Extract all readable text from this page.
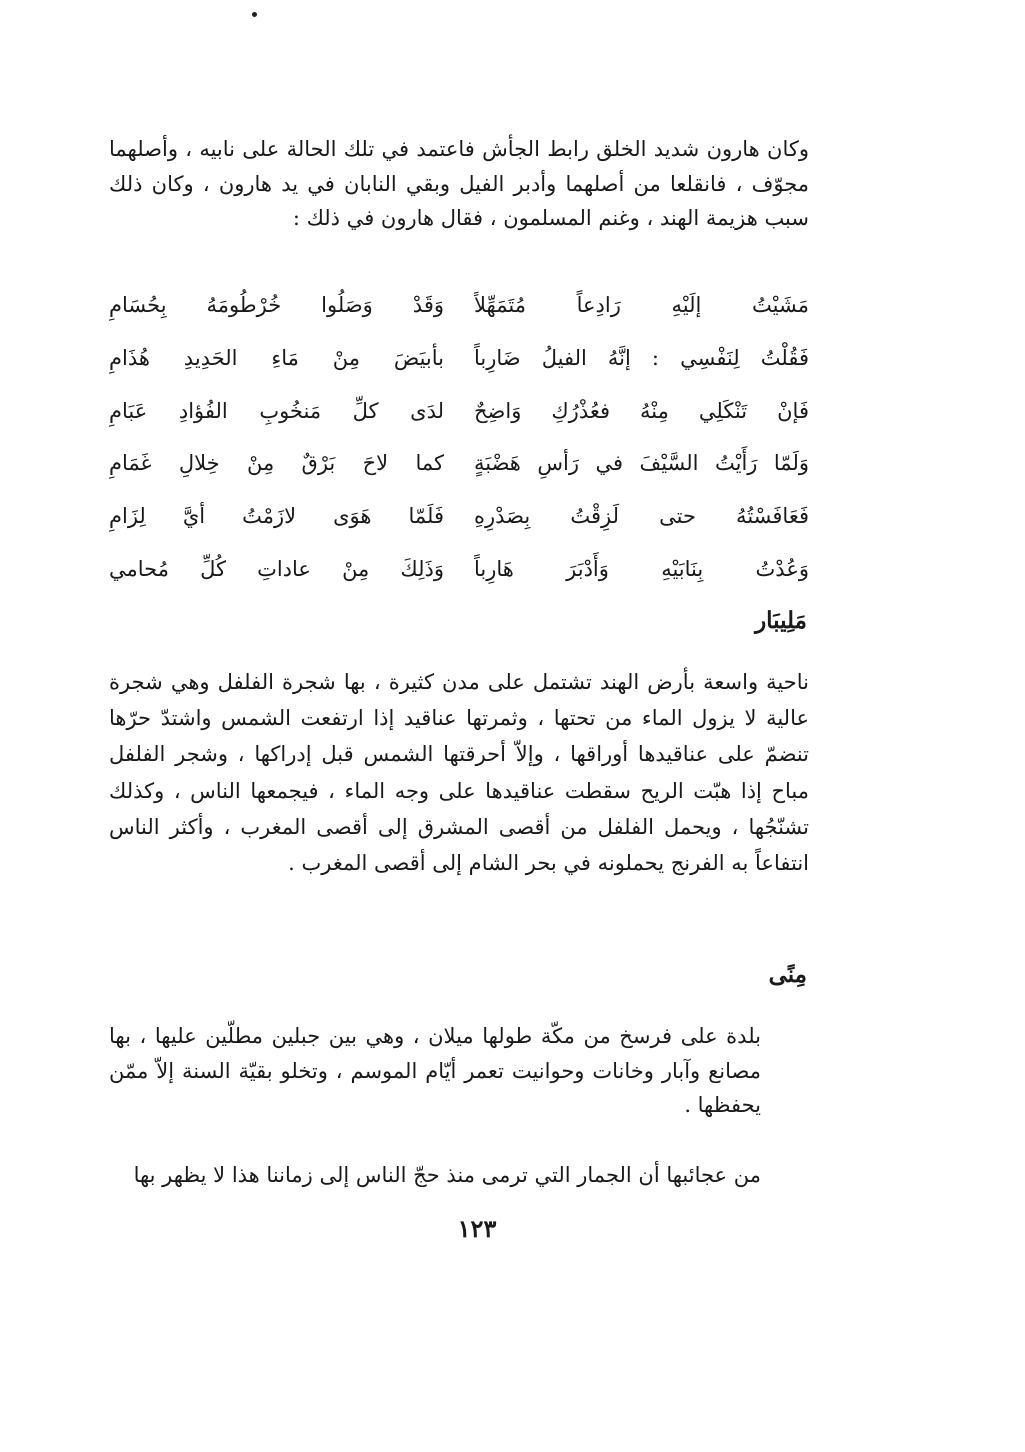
وكان هارون شديد الخلق رابط الجأش فاعتمد في تلك الحالة على نابيه ، وأصلهما مجوّف ، فانقلعا من أصلهما وأدبر الفيل وبقي النابان في يد هارون ، وكان ذلك سبب هزيمة الهند ، وغنم المسلمون ، فقال هارون في ذلك :

مَشَيْتُ إلَيْهِ رَادِعاً مُتَمَهِّلاً
وَقَدْ وَصَلُوا خُرْطُومَهُ بِحُسَامِ
فَقُلْتُ لِنَفْسِي : إنَّهُ الفيلُ ضَارِباً
بأبيَضَ مِنْ مَاءِ الحَدِيدِ هُذَامِ
فَإنْ تَنْكَلِي مِنْهُ فعُذْرُكِ وَاضِحٌ
لدَى كلِّ مَنخُوبِ الفُؤادِ عَبَامِ
وَلَمّا رَأَيْتُ السَّيْفَ في رَأسِ هَضْبَةٍ
كما لاحَ بَرْقٌ مِنْ خِلالِ غَمَامِ
فَعَافَسْتُهُ حتى لَزِقْتُ بِصَدْرِهِ
فَلَمّا هَوَى لازَمْتُ أيَّ لِزَامِ
وَعُدْتُ بِنَابَيْهِ وَأَدْبَرَ هَارِباً
وَذَلِكَ مِنْ عاداتِ كُلِّ مُحامي
مَلِيبَار

ناحية واسعة بأرض الهند تشتمل على مدن كثيرة ، بها شجرة الفلفل وهي شجرة عالية لا يزول الماء من تحتها ، وثمرتها عناقيد إذا ارتفعت الشمس واشتدّ حرّها تنضمّ على عناقيدها أوراقها ، وإلاّ أحرقتها الشمس قبل إدراكها ، وشجر الفلفل مباح إذا هبّت الريح سقطت عناقيدها على وجه الماء ، فيجمعها الناس ، وكذلك تشنّجُها ، ويحمل الفلفل من أقصى المشرق إلى أقصى المغرب ، وأكثر الناس انتفاعاً به الفرنج يحملونه في بحر الشام إلى أقصى المغرب .

مِنًى

بلدة على فرسخ من مكّة طولها ميلان ، وهي بين جبلين مطلّين عليها ، بها مصانع وآبار وخانات وحوانيت تعمر أيّام الموسم ، وتخلو بقيّة السنة إلاّ ممّن يحفظها .

من عجائبها أن الجمار التي ترمى منذ حجّ الناس إلى زماننا هذا لا يظهر بها

١٢٣
